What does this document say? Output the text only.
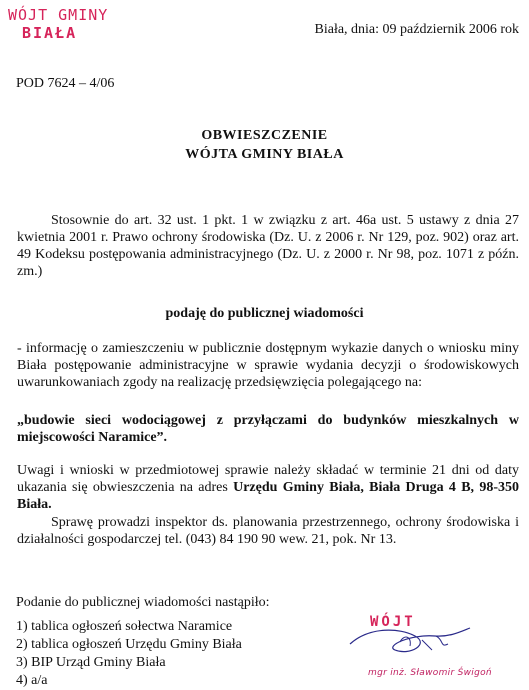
WÓJT GMINY
BIAŁA	Biała, dnia: 09 październik 2006 rok
POD 7624 – 4/06
OBWIESZCZENIE
WÓJTA GMINY BIAŁA
Stosownie do art. 32 ust. 1 pkt. 1 w związku z art. 46a ust. 5 ustawy z dnia 27 kwietnia 2001 r. Prawo ochrony środowiska (Dz. U. z 2006 r. Nr 129, poz. 902) oraz art. 49 Kodeksu postępowania administracyjnego (Dz. U. z 2000 r. Nr 98, poz. 1071 z późn. zm.)
podaję do publicznej wiadomości
- informację o zamieszczeniu w publicznie dostępnym wykazie danych o wniosku miny Biała postępowanie administracyjne w sprawie wydania decyzji o środowiskowych uwarunkowaniach zgody na realizację przedsięwzięcia polegającego na:
„budowie sieci wodociągowej z przyłączami do budynków mieszkalnych w miejscowości Naramice”.
Uwagi i wnioski w przedmiotowej sprawie należy składać w terminie 21 dni od daty ukazania się obwieszczenia na adres Urzędu Gminy Biała, Biała Druga 4 B, 98-350 Biała.
Sprawę prowadzi inspektor ds. planowania przestrzennego, ochrony środowiska i działalności gospodarczej tel. (043) 84 190 90 wew. 21, pok. Nr 13.
Podanie do publicznej wiadomości nastąpiło:
1) tablica ogłoszeń sołectwa Naramice
2) tablica ogłoszeń Urzędu Gminy Biała
3) BIP Urząd Gminy Biała
4) a/a
WÓJT
mgr inż. Sławomir Świgoń
